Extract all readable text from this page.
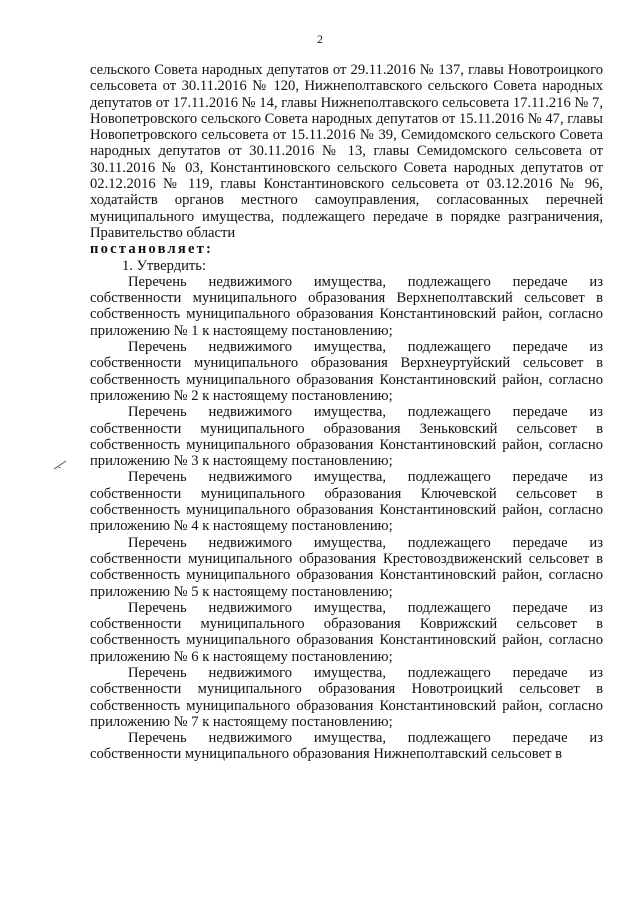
2

сельского Совета народных депутатов от 29.11.2016 № 137, главы Новотроицкого сельсовета от 30.11.2016 № 120, Нижнеполтавского сельского Совета народных депутатов от 17.11.2016 № 14, главы Нижнеполтавского сельсовета 17.11.216 № 7, Новопетровского сельского Совета народных депутатов от 15.11.2016 № 47, главы Новопетровского сельсовета от 15.11.2016 № 39, Семидомского сельского Совета народных депутатов от 30.11.2016 № 13, главы Семидомского сельсовета от 30.11.2016 № 03, Константиновского сельского Совета народных депутатов от 02.12.2016 № 119, главы Константиновского сельсовета от 03.12.2016 № 96, ходатайств органов местного самоуправления, согласованных перечней муниципального имущества, подлежащего передаче в порядке разграничения, Правительство области

постановляет:

1. Утвердить:

Перечень недвижимого имущества, подлежащего передаче из собственности муниципального образования Верхнеполтавский сельсовет в собственность муниципального образования Константиновский район, согласно приложению № 1 к настоящему постановлению;

Перечень недвижимого имущества, подлежащего передаче из собственности муниципального образования Верхнеуртуйский сельсовет в собственность муниципального образования Константиновский район, согласно приложению № 2 к настоящему постановлению;

Перечень недвижимого имущества, подлежащего передаче из собственности муниципального образования Зеньковский сельсовет в собственность муниципального образования Константиновский район, согласно приложению № 3 к настоящему постановлению;

Перечень недвижимого имущества, подлежащего передаче из собственности муниципального образования Ключевской сельсовет в собственность муниципального образования Константиновский район, согласно приложению № 4 к настоящему постановлению;

Перечень недвижимого имущества, подлежащего передаче из собственности муниципального образования Крестовоздвиженский сельсовет в собственность муниципального образования Константиновский район, согласно приложению № 5 к настоящему постановлению;

Перечень недвижимого имущества, подлежащего передаче из собственности муниципального образования Коврижский сельсовет в собственность муниципального образования Константиновский район, согласно приложению № 6 к настоящему постановлению;

Перечень недвижимого имущества, подлежащего передаче из собственности муниципального образования Новотроицкий сельсовет в собственность муниципального образования Константиновский район, согласно приложению № 7 к настоящему постановлению;

Перечень недвижимого имущества, подлежащего передаче из собственности муниципального образования Нижнеполтавский сельсовет в
